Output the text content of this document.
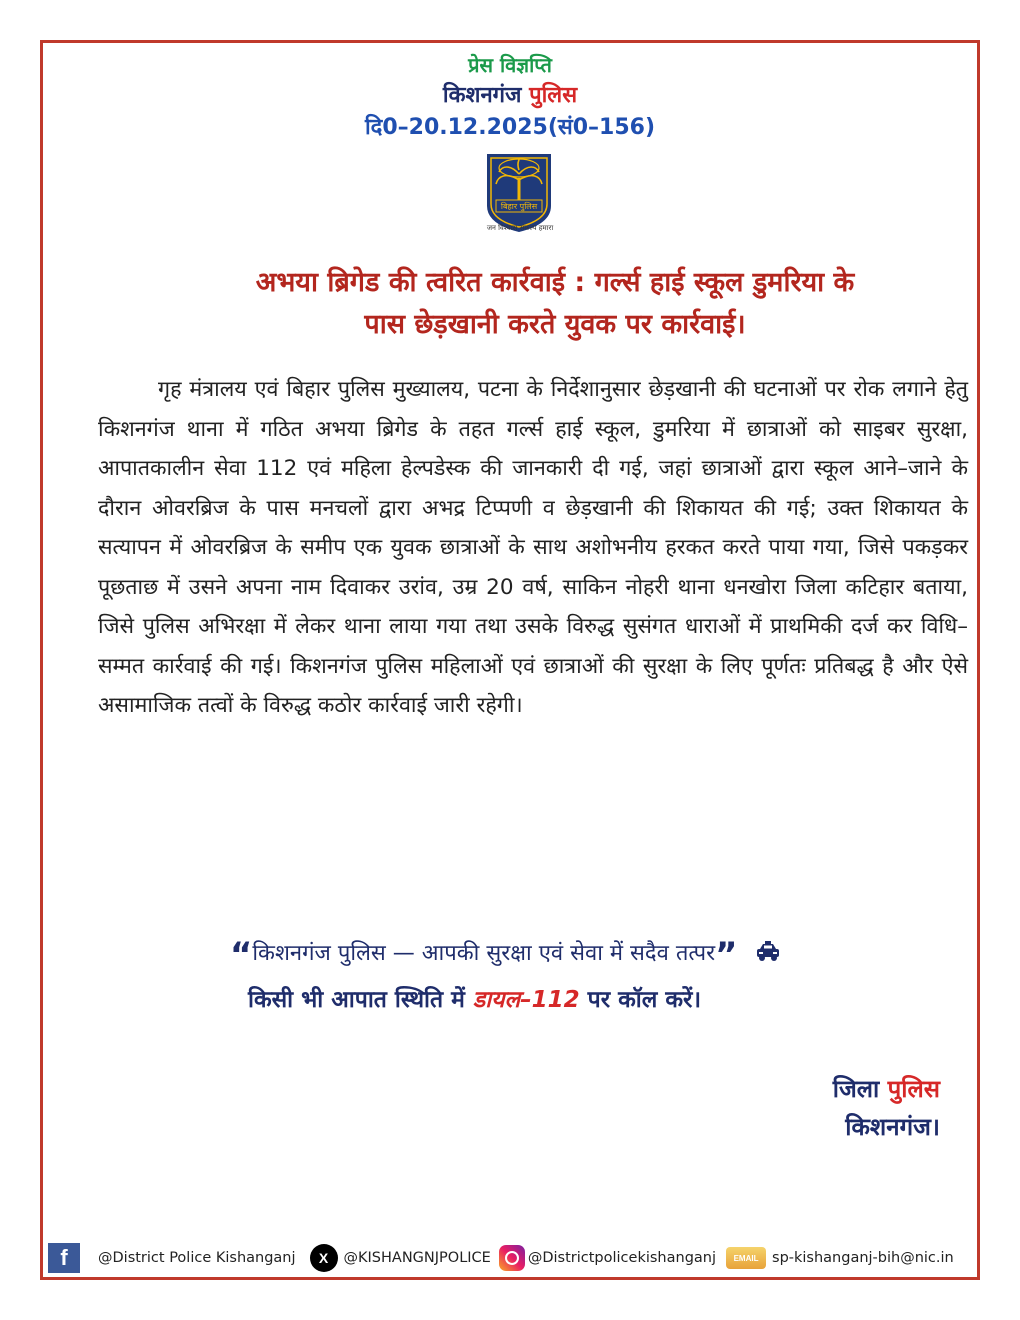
प्रेस विज्ञप्ति
किशनगंज पुलिस
दि0–20.12.2025(सं0–156)
बिहार पुलिस
जन विश्वास संकल्प हमारा
अभया ब्रिगेड की त्वरित कार्रवाई : गर्ल्स हाई स्कूल डुमरिया के
पास छेड़खानी करते युवक पर कार्रवाई।
गृह मंत्रालय एवं बिहार पुलिस मुख्यालय, पटना के निर्देशानुसार छेड़खानी की घटनाओं पर रोक लगाने हेतु किशनगंज थाना में गठित अभया ब्रिगेड के तहत गर्ल्स हाई स्कूल, डुमरिया में छात्राओं को साइबर सुरक्षा, आपातकालीन सेवा 112 एवं महिला हेल्पडेस्क की जानकारी दी गई, जहां छात्राओं द्वारा स्कूल आने–जाने के दौरान ओवरब्रिज के पास मनचलों द्वारा अभद्र टिप्पणी व छेड़खानी की शिकायत की गई; उक्त शिकायत के सत्यापन में ओवरब्रिज के समीप एक युवक छात्राओं के साथ अशोभनीय हरकत करते पाया गया, जिसे पकड़कर पूछताछ में उसने अपना नाम दिवाकर उरांव, उम्र 20 वर्ष, साकिन नोहरी थाना धनखोरा जिला कटिहार बताया, जिसे पुलिस अभिरक्षा में लेकर थाना लाया गया तथा उसके विरुद्ध सुसंगत धाराओं में प्राथमिकी दर्ज कर विधि–सम्मत कार्रवाई की गई। किशनगंज पुलिस महिलाओं एवं छात्राओं की सुरक्षा के लिए पूर्णतः प्रतिबद्ध है और ऐसे असामाजिक तत्वों के विरुद्ध कठोर कार्रवाई जारी रहेगी।
“किशनगंज पुलिस — आपकी सुरक्षा एवं सेवा में सदैव तत्पर”
किसी भी आपात स्थिति में डायल–112 पर कॉल करें।
जिला पुलिस
किशनगंज।
f	@District Police Kishanganj	X	@KISHANGNJPOLICE	@Districtpolicekishanganj	EMAIL sp-kishanganj-bih@nic.in
